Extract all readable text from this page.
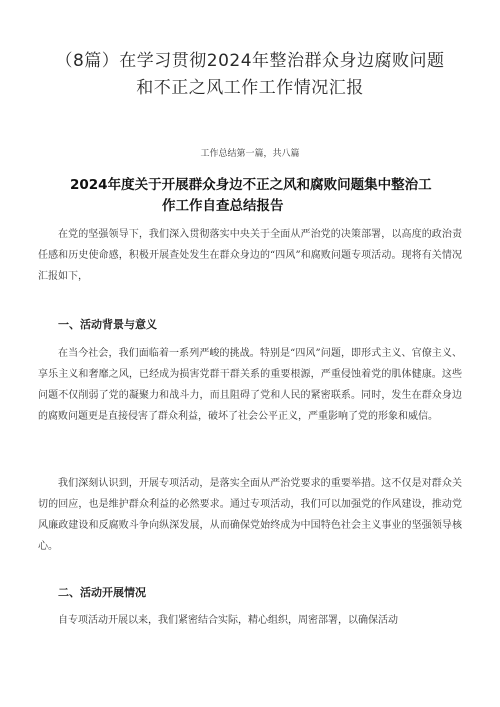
（8篇）在学习贯彻2024年整治群众身边腐败问题
和不正之风工作工作情况汇报
工作总结第一篇，共八篇
2024年度关于开展群众身边不正之风和腐败问题集中整治工
作工作自查总结报告

在党的坚强领导下，我们深入贯彻落实中央关于全面从严治党的决策部署，以高度的政治责任感和历史使命感，积极开展查处发生在群众身边的“四风”和腐败问题专项活动。现将有关情况汇报如下，

一、活动背景与意义

在当今社会，我们面临着一系列严峻的挑战。特别是“四风”问题，即形式主义、官僚主义、享乐主义和奢靡之风，已经成为损害党群干群关系的重要根源，严重侵蚀着党的肌体健康。这些问题不仅削弱了党的凝聚力和战斗力，而且阻碍了党和人民的紧密联系。同时，发生在群众身边的腐败问题更是直接侵害了群众利益，破坏了社会公平正义，严重影响了党的形象和威信。

我们深刻认识到，开展专项活动，是落实全面从严治党要求的重要举措。这不仅是对群众关切的回应，也是维护群众利益的必然要求。通过专项活动，我们可以加强党的作风建设，推动党风廉政建设和反腐败斗争向纵深发展，从而确保党始终成为中国特色社会主义事业的坚强领导核心。

二、活动开展情况

自专项活动开展以来，我们紧密结合实际，精心组织，周密部署，以确保活动
